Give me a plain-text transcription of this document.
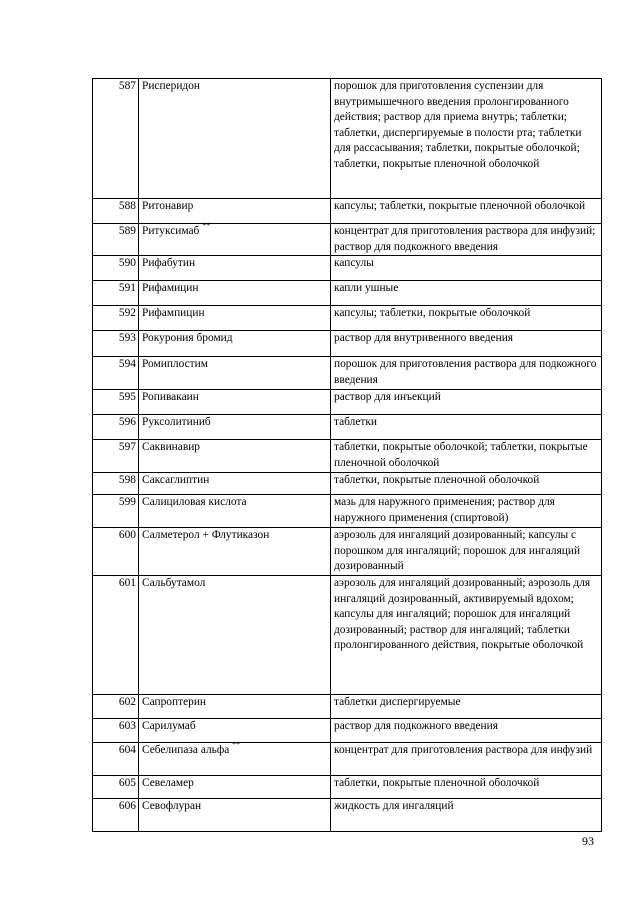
587	Рисперидон	порошок для приготовления суспензии для внутримышечного введения пролонгированного действия; раствор для приема внутрь; таблетки; таблетки, диспергируемые в полости рта; таблетки для рассасывания; таблетки, покрытые оболочкой; таблетки, покрытые пленочной оболочкой
588	Ритонавир	капсулы; таблетки, покрытые пленочной оболочкой
589	Ритуксимаб **	концентрат для приготовления раствора для инфузий; раствор для подкожного введения
590	Рифабутин	капсулы
591	Рифамицин	капли ушные
592	Рифампицин	капсулы; таблетки, покрытые оболочкой
593	Рокурония бромид	раствор для внутривенного введения
594	Ромиплостим	порошок для приготовления раствора для подкожного введения
595	Ропивакаин	раствор для инъекций
596	Руксолитиниб	таблетки
597	Саквинавир	таблетки, покрытые оболочкой; таблетки, покрытые пленочной оболочкой
598	Саксаглиптин	таблетки, покрытые пленочной оболочкой
599	Салициловая кислота	мазь для наружного применения; раствор для наружного применения (спиртовой)
600	Салметерол + Флутиказон	аэрозоль для ингаляций дозированный; капсулы с порошком для ингаляций; порошок для ингаляций дозированный
601	Сальбутамол	аэрозоль для ингаляций дозированный; аэрозоль для ингаляций дозированный, активируемый вдохом; капсулы для ингаляций; порошок для ингаляций дозированный; раствор для ингаляций; таблетки пролонгированного действия, покрытые оболочкой
602	Сапроптерин	таблетки диспергируемые
603	Сарилумаб	раствор для подкожного введения
604	Себелипаза альфа **	концентрат для приготовления раствора для инфузий
605	Севеламер	таблетки, покрытые пленочной оболочкой
606	Севофлуран	жидкость для ингаляций
93
